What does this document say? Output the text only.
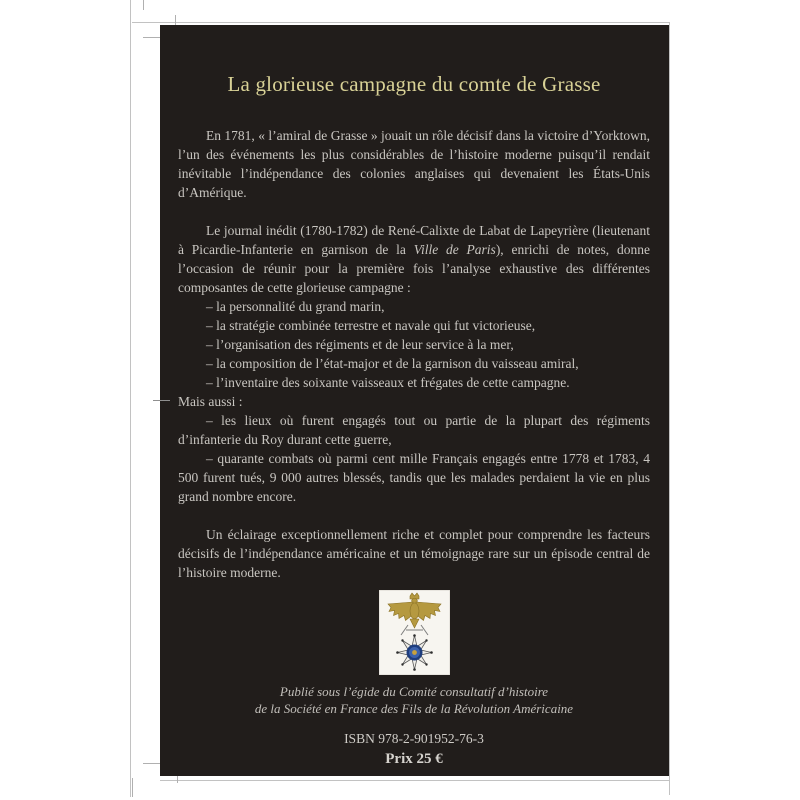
La glorieuse campagne du comte de Grasse

En 1781, « l’amiral de Grasse » jouait un rôle décisif dans la victoire d’Yorktown, l’un des événements les plus considérables de l’histoire moderne puisqu’il rendait inévitable l’indépendance des colonies anglaises qui devenaient les États-Unis d’Amérique.

Le journal inédit (1780-1782) de René-Calixte de Labat de Lapeyrière (lieutenant à Picardie-Infanterie en garnison de la Ville de Paris), enrichi de notes, donne l’occasion de réunir pour la première fois l’analyse exhaustive des différentes composantes de cette glorieuse campagne :

– la personnalité du grand marin,

– la stratégie combinée terrestre et navale qui fut victorieuse,

– l’organisation des régiments et de leur service à la mer,

– la composition de l’état-major et de la garnison du vaisseau amiral,

– l’inventaire des soixante vaisseaux et frégates de cette campagne.

Mais aussi :

– les lieux où furent engagés tout ou partie de la plupart des régiments d’infanterie du Roy durant cette guerre,

– quarante combats où parmi cent mille Français engagés entre 1778 et 1783, 4 500 furent tués, 9 000 autres blessés, tandis que les malades perdaient la vie en plus grand nombre encore.

Un éclairage exceptionnellement riche et complet pour comprendre les facteurs décisifs de l’indépendance américaine et un témoignage rare sur un épisode central de l’histoire moderne.

Publié sous l’égide du Comité consultatif d’histoire
de la Société en France des Fils de la Révolution Américaine
ISBN 978-2-901952-76-3
Prix 25 €
